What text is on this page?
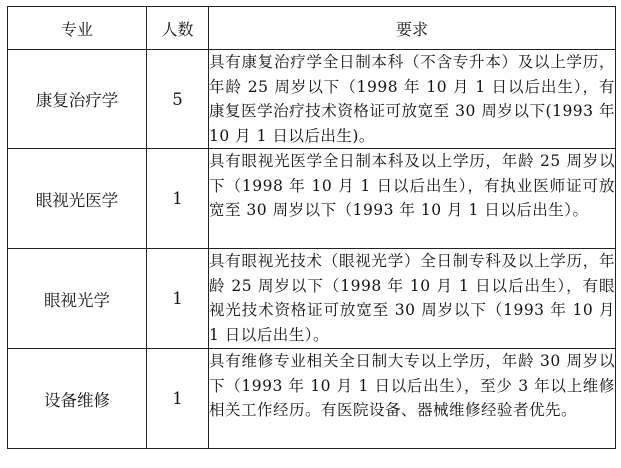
专业	人数	要求
康复治疗学	5	具有康复治疗学全日制本科（不含专升本）及以上学历，年龄 25 周岁以下（1998 年 10 月 1 日以后出生），有康复医学治疗技术资格证可放宽至 30 周岁以下(1993 年 10 月 1 日以后出生)。
眼视光医学	1	具有眼视光医学全日制本科及以上学历，年龄 25 周岁以下（1998 年 10 月 1 日以后出生），有执业医师证可放宽至 30 周岁以下（1993 年 10 月 1 日以后出生）。
眼视光学	1	具有眼视光技术（眼视光学）全日制专科及以上学历，年龄 25 周岁以下（1998 年 10 月 1 日以后出生），有眼视光技术资格证可放宽至 30 周岁以下（1993 年 10 月 1 日以后出生）。
设备维修	1	具有维修专业相关全日制大专以上学历，年龄 30 周岁以下（1993 年 10 月 1 日以后出生），至少 3 年以上维修相关工作经历。有医院设备、器械维修经验者优先。
